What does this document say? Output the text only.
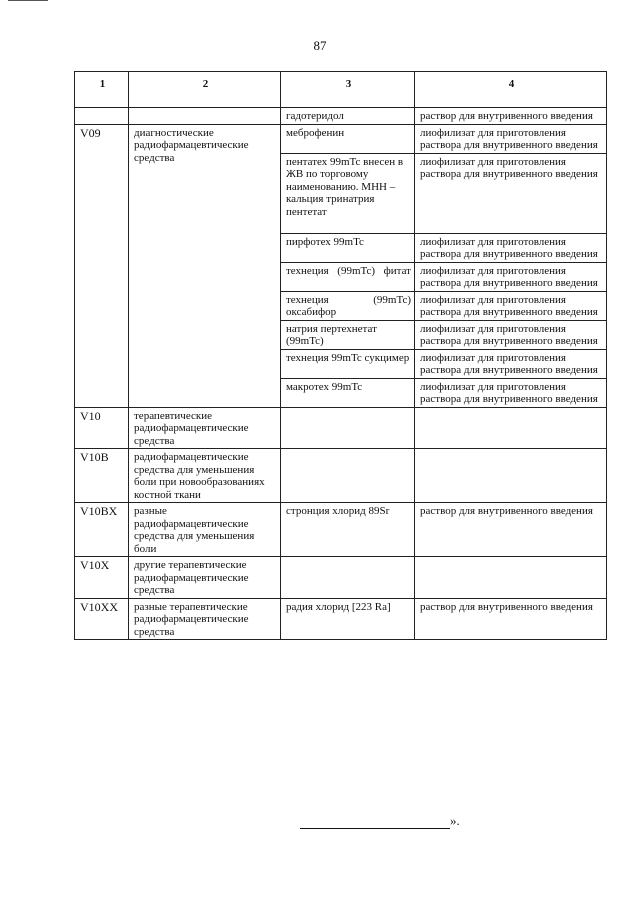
87
1	2	3	4
		гадотеридол	раствор для внутривенного введения
V09	диагностические радиофармацевтические средства	меброфенин	лиофилизат для приготовления раствора для внутривенного введения
		пентатех 99mTc внесен в ЖВ по торговому наименованию. МНН – кальция тринатрия пентетат	лиофилизат для приготовления раствора для внутривенного введения
		пирфотех 99mTc	лиофилизат для приготовления раствора для внутривенного введения
		технеция (99mTc) фитат	лиофилизат для приготовления раствора для внутривенного введения
		технеция (99mTc) оксабифор	лиофилизат для приготовления раствора для внутривенного введения
		натрия пертехнетат (99mTc)	лиофилизат для приготовления раствора для внутривенного введения
		технеция 99mTc сукцимер	лиофилизат для приготовления раствора для внутривенного введения
		макротех 99mTc	лиофилизат для приготовления раствора для внутривенного введения
V10	терапевтические радиофармацевтические средства		
V10B	радиофармацевтические средства для уменьшения боли при новообразованиях костной ткани		
V10BX	разные радиофармацевтические средства для уменьшения боли	стронция хлорид 89Sr	раствор для внутривенного введения
V10X	другие терапевтические радиофармацевтические средства		
V10XX	разные терапевтические радиофармацевтические средства	радия хлорид [223 Ra]	раствор для внутривенного введения
».
